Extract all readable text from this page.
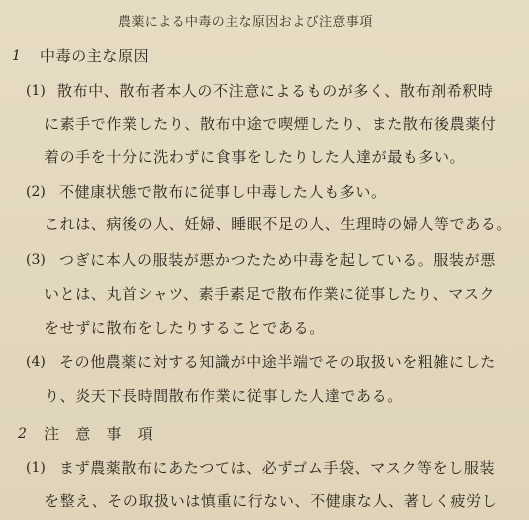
農薬による中毒の主な原因および注意事項
1 中毒の主な原因
(1) 散布中、散布者本人の不注意によるものが多く、散布剤希釈時
に素手で作業したり、散布中途で喫煙したり、また散布後農薬付
着の手を十分に洗わずに食事をしたりした人達が最も多い。
(2) 不健康状態で散布に従事し中毒した人も多い。
これは、病後の人、妊婦、睡眠不足の人、生理時の婦人等である。
(3) つぎに本人の服装が悪かつたため中毒を起している。服装が悪
いとは、丸首シャツ、素手素足で散布作業に従事したり、マスク
をせずに散布をしたりすることである。
(4) その他農薬に対する知識が中途半端でその取扱いを粗雑にした
り、炎天下長時間散布作業に従事した人達である。
2 注　意　事　項
(1) まず農薬散布にあたつては、必ずゴム手袋、マスク等をし服装
を整え、その取扱いは慎重に行ない、不健康な人、著しく疲労し
